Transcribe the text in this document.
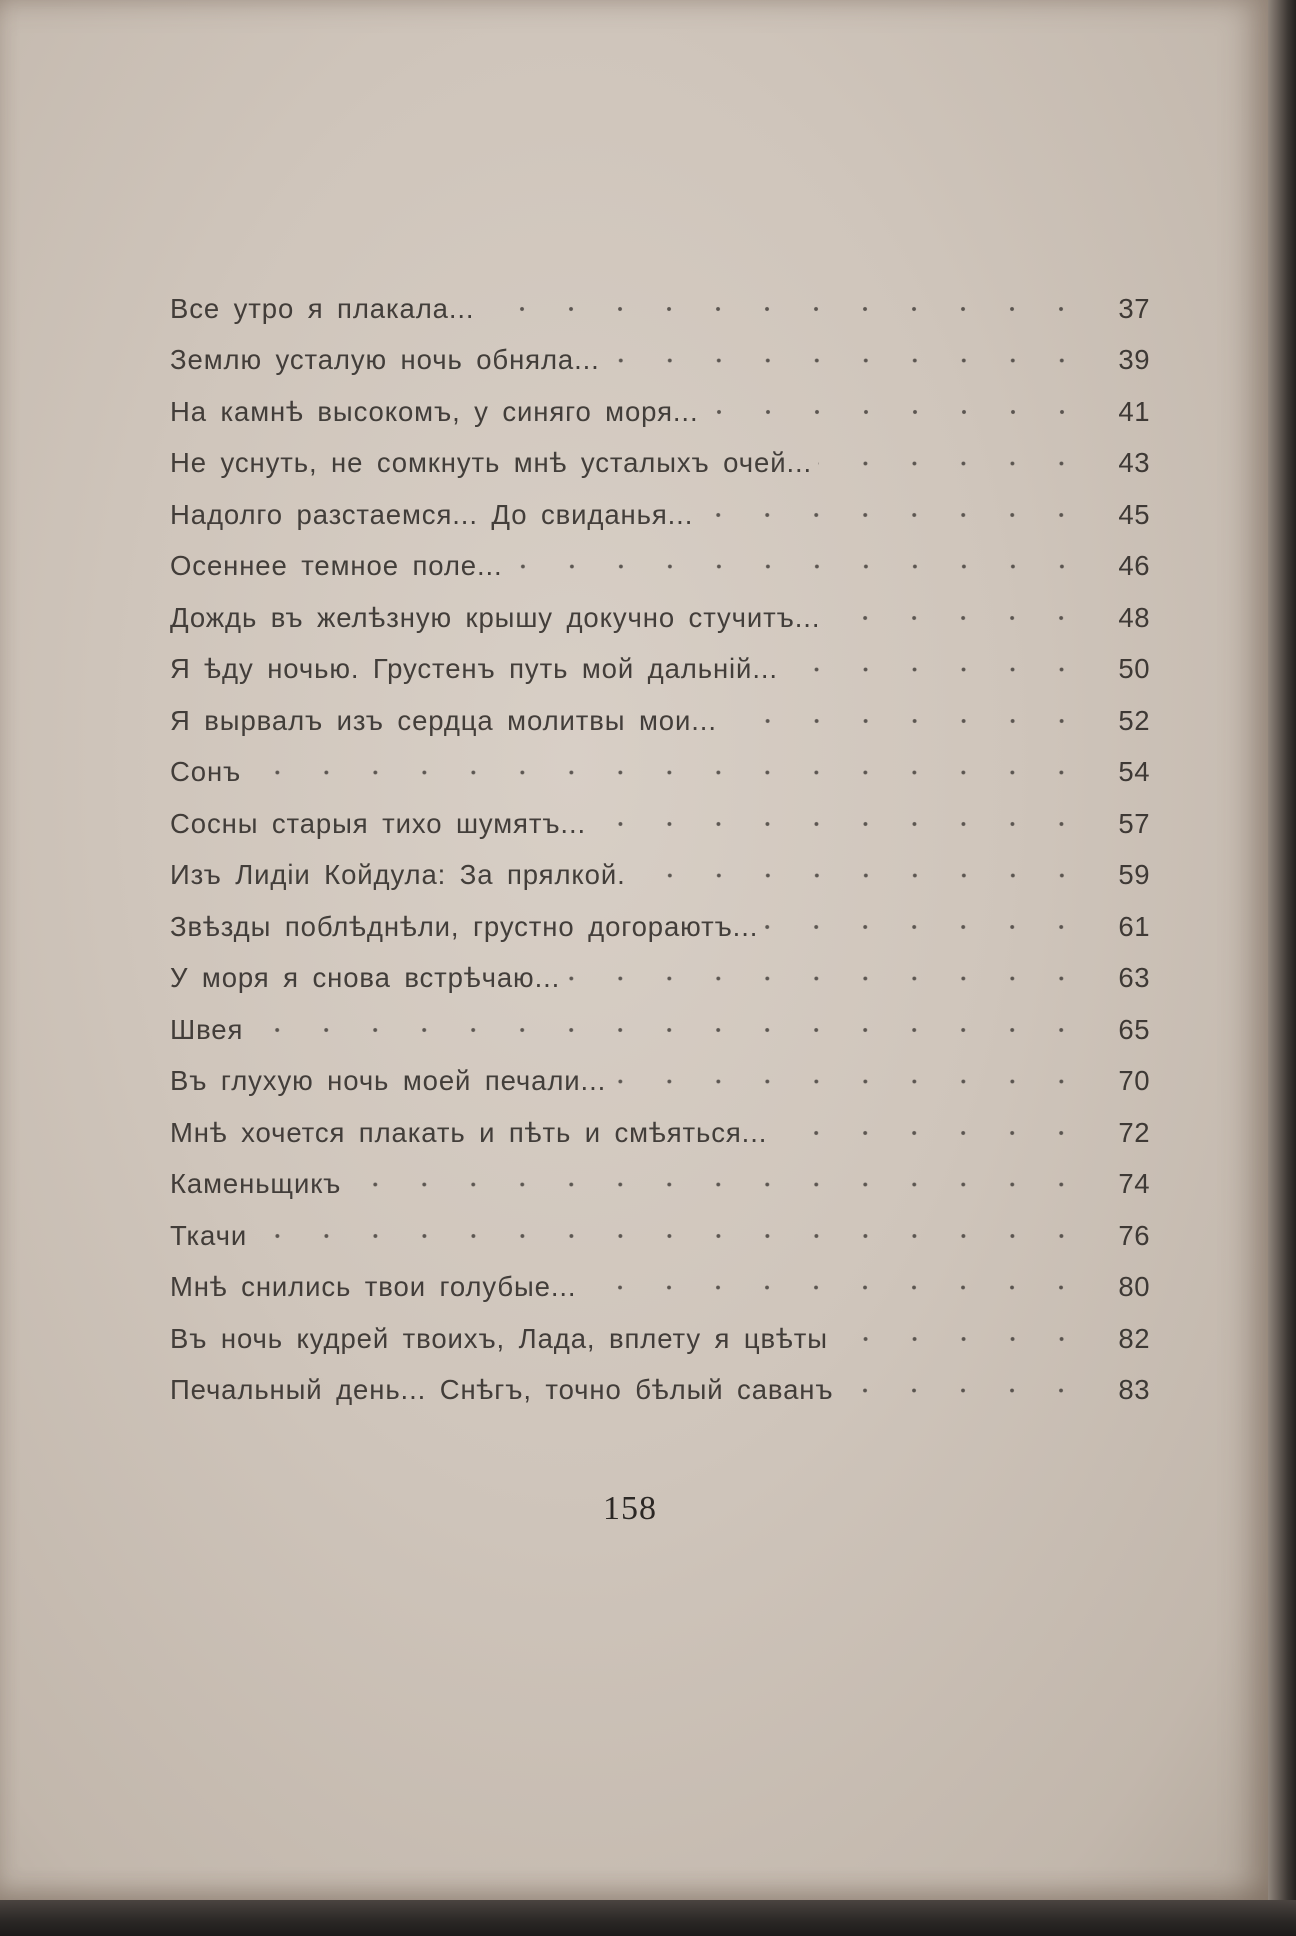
Все утро я плакала...	37
Землю усталую ночь обняла...	39
На камнѣ высокомъ, у синяго моря...	41
Не уснуть, не сомкнуть мнѣ усталыхъ очей...	43
Надолго разстаемся... До свиданья...	45
Осеннее темное поле...	46
Дождь въ желѣзную крышу докучно стучитъ...	48
Я ѣду ночью. Грустенъ путь мой дальній...	50
Я вырвалъ изъ сердца молитвы мои...	52
Сонъ	54
Сосны старыя тихо шумятъ...	57
Изъ Лидіи Койдула: За прялкой.	59
Звѣзды поблѣднѣли, грустно догораютъ...	61
У моря я снова встрѣчаю...	63
Швея	65
Въ глухую ночь моей печали...	70
Мнѣ хочется плакать и пѣть и смѣяться...	72
Каменьщикъ	74
Ткачи	76
Мнѣ снились твои голубые...	80
Въ ночь кудрей твоихъ, Лада, вплету я цвѣты	82
Печальный день... Снѣгъ, точно бѣлый саванъ	83
158
